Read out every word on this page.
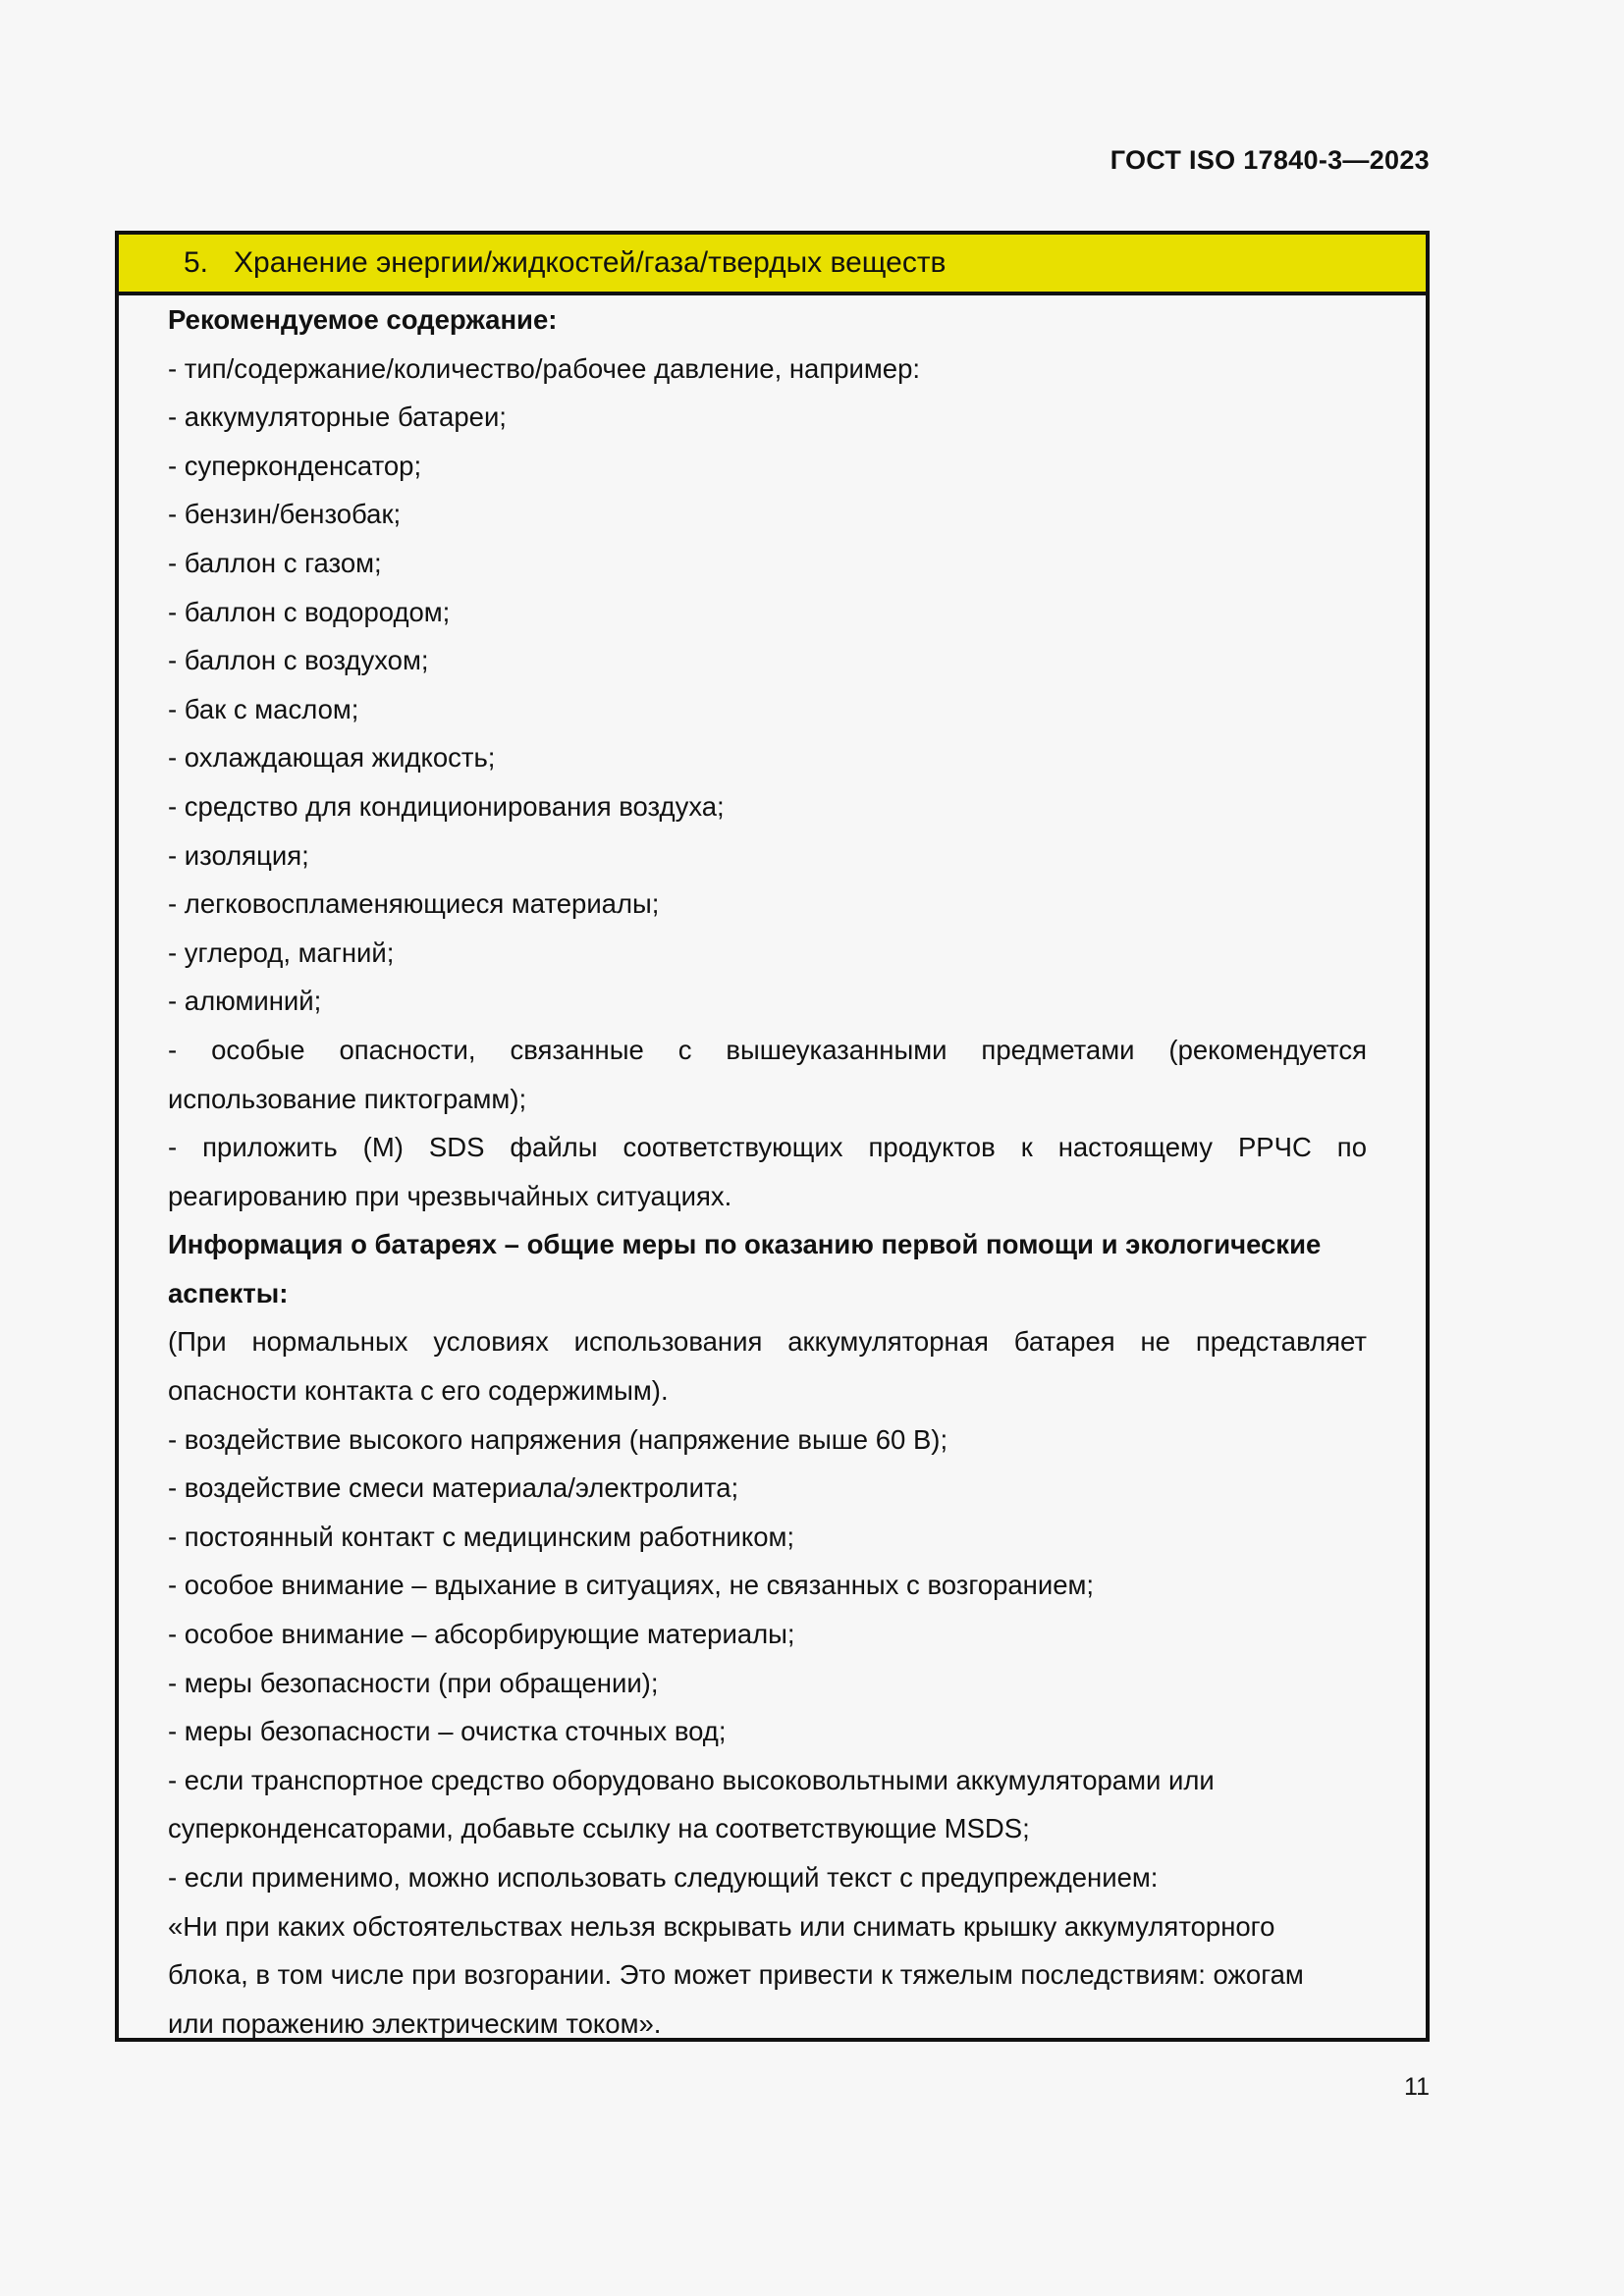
ГОСТ ISO 17840-3—2023
5. Хранение энергии/жидкостей/газа/твердых веществ
Рекомендуемое содержание:
- тип/содержание/количество/рабочее давление, например:
- аккумуляторные батареи;
- суперконденсатор;
- бензин/бензобак;
- баллон с газом;
- баллон с водородом;
- баллон с воздухом;
- бак с маслом;
- охлаждающая жидкость;
- средство для кондиционирования воздуха;
- изоляция;
- легковоспламеняющиеся материалы;
- углерод, магний;
- алюминий;
- особые опасности, связанные с вышеуказанными предметами (рекомендуется
использование пиктограмм);
- приложить (М) SDS файлы соответствующих продуктов к настоящему РРЧС по
реагированию при чрезвычайных ситуациях.
Информация о батареях – общие меры по оказанию первой помощи и экологические
аспекты:
(При нормальных условиях использования аккумуляторная батарея не представляет
опасности контакта с его содержимым).
- воздействие высокого напряжения (напряжение выше 60 В);
- воздействие смеси материала/электролита;
- постоянный контакт с медицинским работником;
- особое внимание – вдыхание в ситуациях, не связанных с возгоранием;
- особое внимание – абсорбирующие материалы;
- меры безопасности (при обращении);
- меры безопасности – очистка сточных вод;
- если транспортное средство оборудовано высоковольтными аккумуляторами или
суперконденсаторами, добавьте ссылку на соответствующие MSDS;
- если применимо, можно использовать следующий текст с предупреждением:
«Ни при каких обстоятельствах нельзя вскрывать или снимать крышку аккумуляторного
блока, в том числе при возгорании. Это может привести к тяжелым последствиям: ожогам
или поражению электрическим током».
11
